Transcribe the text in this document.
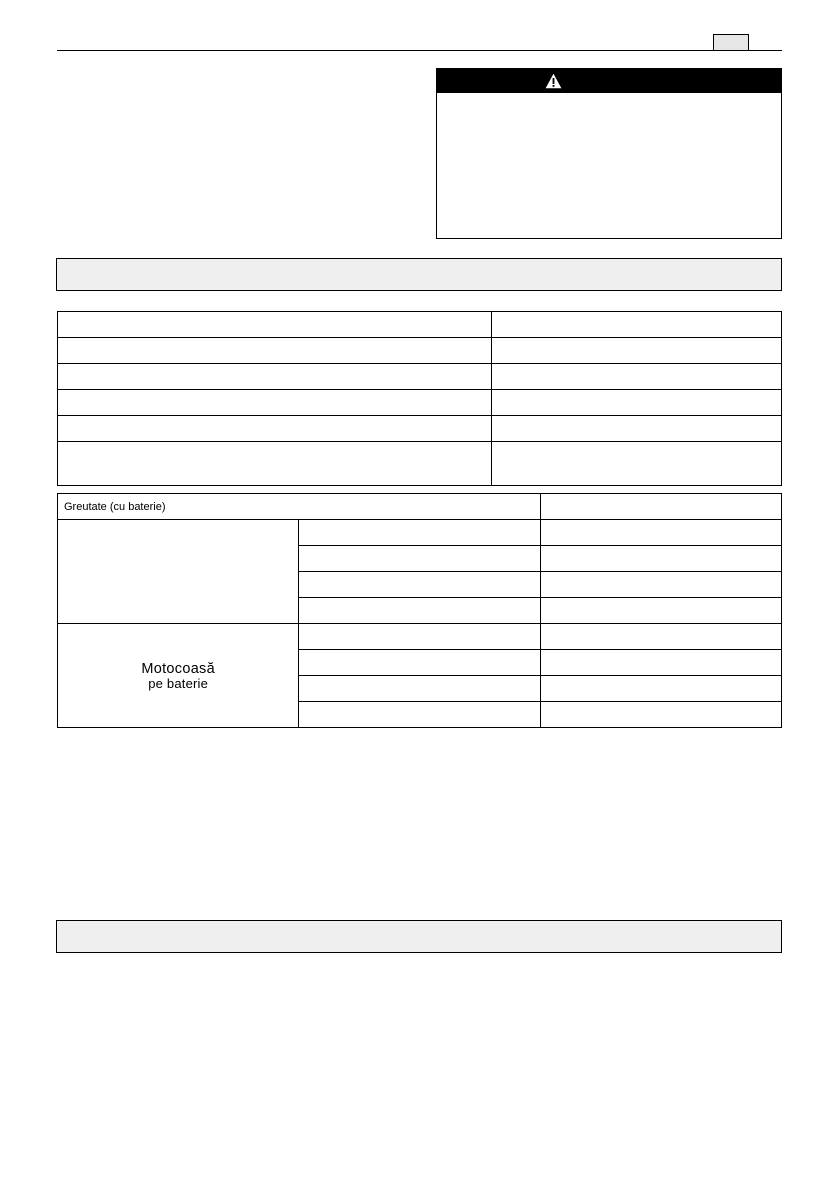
Greutate (cu baterie)		

Motocoasă
pe baterie		
